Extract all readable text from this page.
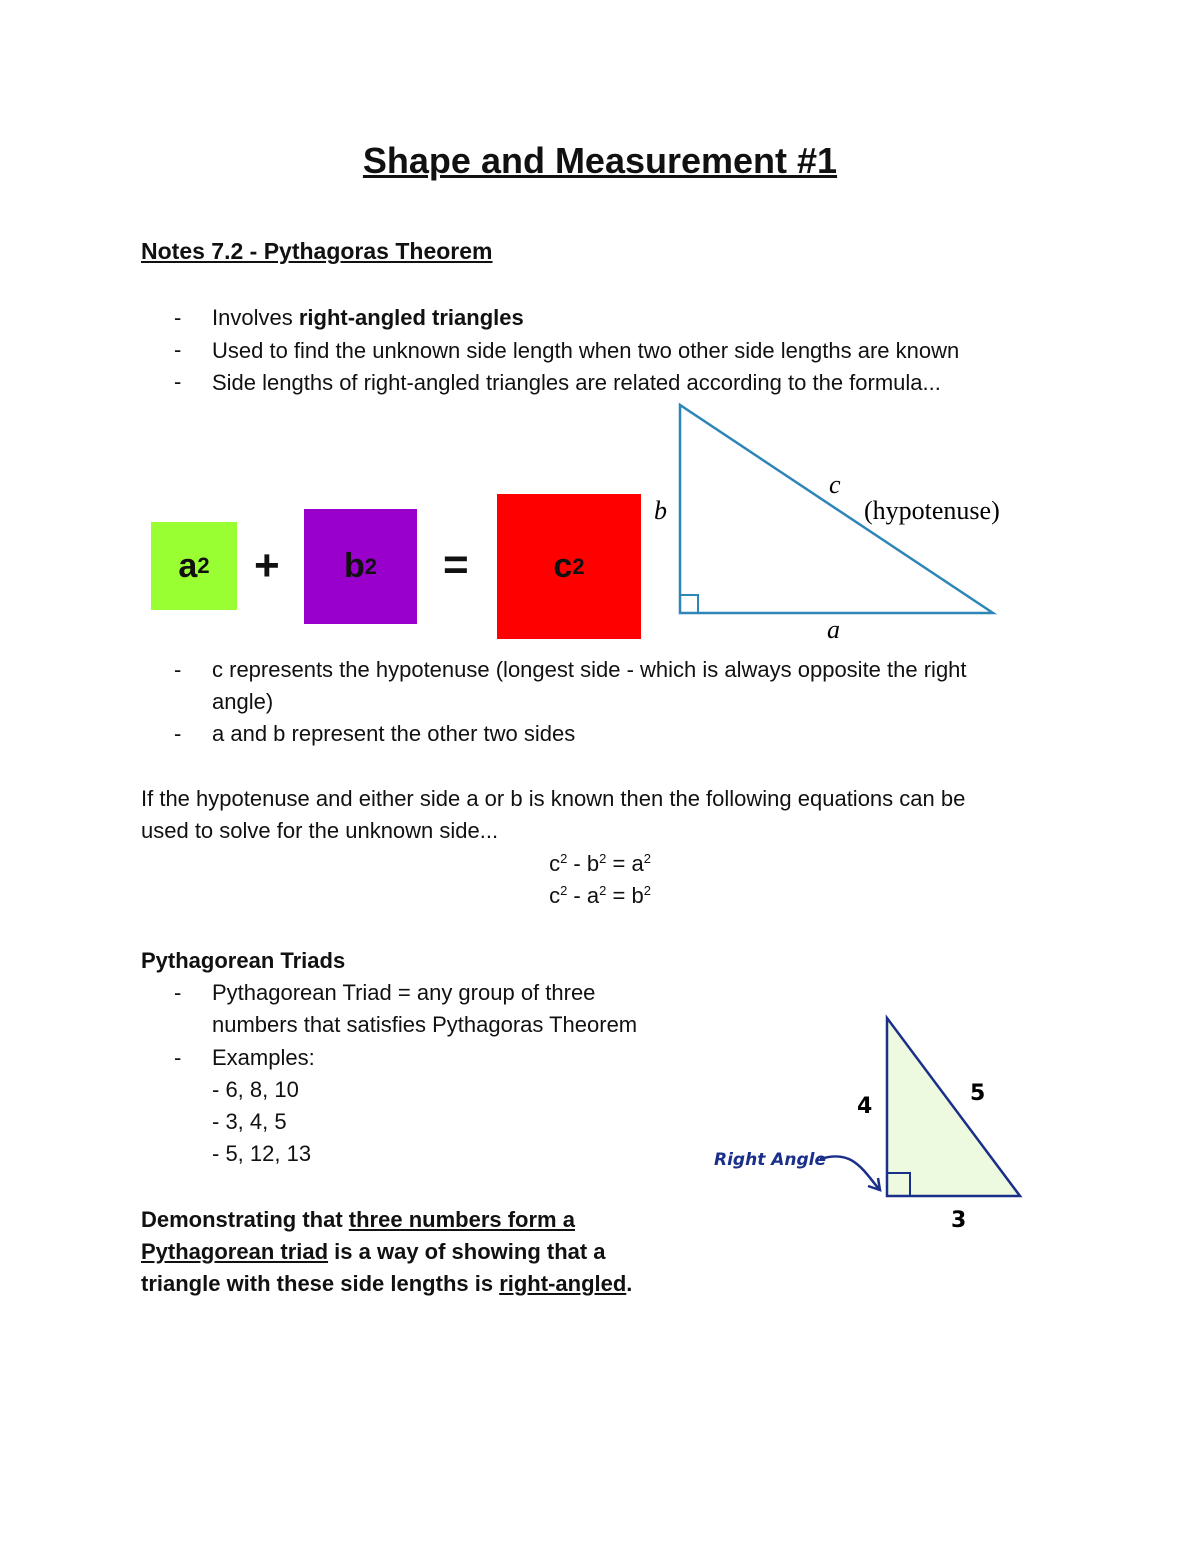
Shape and Measurement #1
Notes 7.2 - Pythagoras Theorem
- Involves right-angled triangles
Used to find the unknown side length when two other side lengths are known
Side lengths of right-angled triangles are related according to the formula...
-
-
a 2 + b 2 = c 2
b
c
(hypotenuse)
a
- c represents the hypotenuse (longest side - which is always opposite the right
angle)
- a and b represent the other two sides
If the hypotenuse and either side a or b is known then the following equations can be
used to solve for the unknown side...
$c^2 - b^2 = a^2$
$c^2 - a^2 = b^2$
Pythagorean Triads
- Pythagorean Triad = any group of three
numbers that satisfies Pythagoras Theorem
- Examples:
- 6, 8, 10
- 3, 4, 5
- 5, 12, 13
Demonstrating that three numbers form a
Pythagorean triad is a way of showing that a
triangle with these side lengths is right-angled.
4
5
3
Right Angle
